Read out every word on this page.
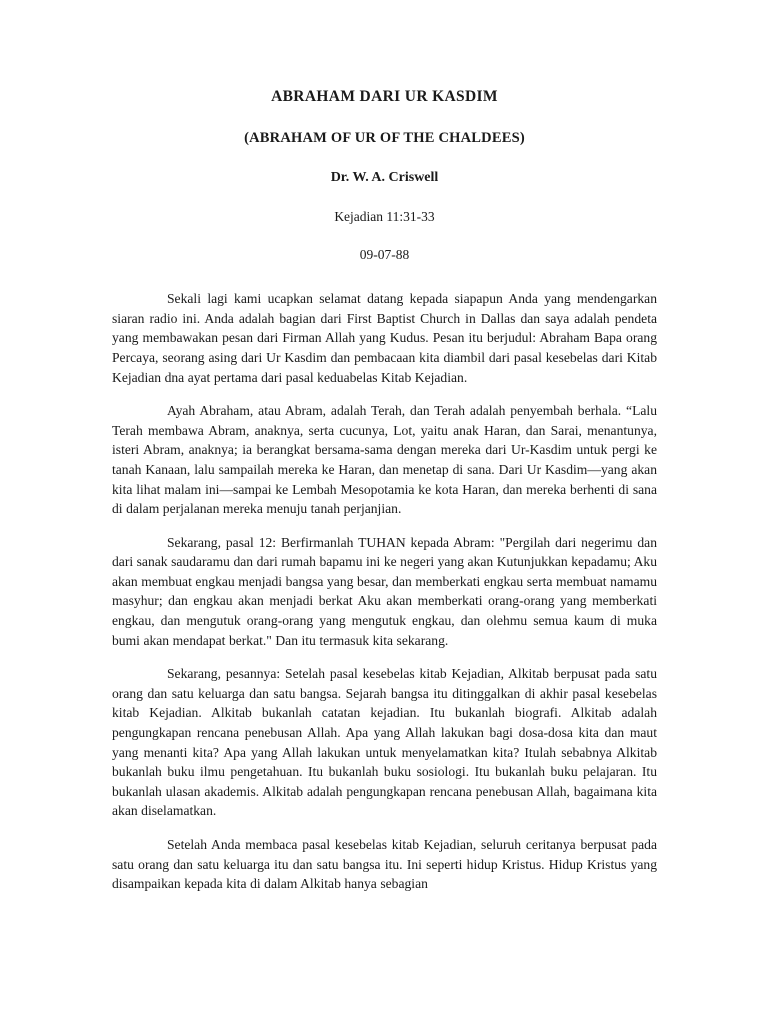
ABRAHAM DARI UR KASDIM
(ABRAHAM OF UR OF THE CHALDEES)
Dr. W. A. Criswell
Kejadian 11:31-33
09-07-88

Sekali lagi kami ucapkan selamat datang kepada siapapun Anda yang mendengarkan siaran radio ini. Anda adalah bagian dari First Baptist Church in Dallas dan saya adalah pendeta yang membawakan pesan dari Firman Allah yang Kudus. Pesan itu berjudul: Abraham Bapa orang Percaya, seorang asing dari Ur Kasdim dan pembacaan kita diambil dari pasal kesebelas dari Kitab Kejadian dna ayat pertama dari pasal keduabelas Kitab Kejadian.

Ayah Abraham, atau Abram, adalah Terah, dan Terah adalah penyembah berhala. “Lalu Terah membawa Abram, anaknya, serta cucunya, Lot, yaitu anak Haran, dan Sarai, menantunya, isteri Abram, anaknya; ia berangkat bersama-sama dengan mereka dari Ur-Kasdim untuk pergi ke tanah Kanaan, lalu sampailah mereka ke Haran, dan menetap di sana. Dari Ur Kasdim—yang akan kita lihat malam ini—sampai ke Lembah Mesopotamia ke kota Haran, dan mereka berhenti di sana di dalam perjalanan mereka menuju tanah perjanjian.

Sekarang, pasal 12: Berfirmanlah TUHAN kepada Abram: "Pergilah dari negerimu dan dari sanak saudaramu dan dari rumah bapamu ini ke negeri yang akan Kutunjukkan kepadamu; Aku akan membuat engkau menjadi bangsa yang besar, dan memberkati engkau serta membuat namamu masyhur; dan engkau akan menjadi berkat Aku akan memberkati orang-orang yang memberkati engkau, dan mengutuk orang-orang yang mengutuk engkau, dan olehmu semua kaum di muka bumi akan mendapat berkat." Dan itu termasuk kita sekarang.

Sekarang, pesannya: Setelah pasal kesebelas kitab Kejadian, Alkitab berpusat pada satu orang dan satu keluarga dan satu bangsa. Sejarah bangsa itu ditinggalkan di akhir pasal kesebelas kitab Kejadian. Alkitab bukanlah catatan kejadian. Itu bukanlah biografi. Alkitab adalah pengungkapan rencana penebusan Allah. Apa yang Allah lakukan bagi dosa-dosa kita dan maut yang menanti kita? Apa yang Allah lakukan untuk menyelamatkan kita? Itulah sebabnya Alkitab bukanlah buku ilmu pengetahuan. Itu bukanlah buku sosiologi. Itu bukanlah buku pelajaran. Itu bukanlah ulasan akademis. Alkitab adalah pengungkapan rencana penebusan Allah, bagaimana kita akan diselamatkan.

Setelah Anda membaca pasal kesebelas kitab Kejadian, seluruh ceritanya berpusat pada satu orang dan satu keluarga itu dan satu bangsa itu. Ini seperti hidup Kristus. Hidup Kristus yang disampaikan kepada kita di dalam Alkitab hanya sebagian
